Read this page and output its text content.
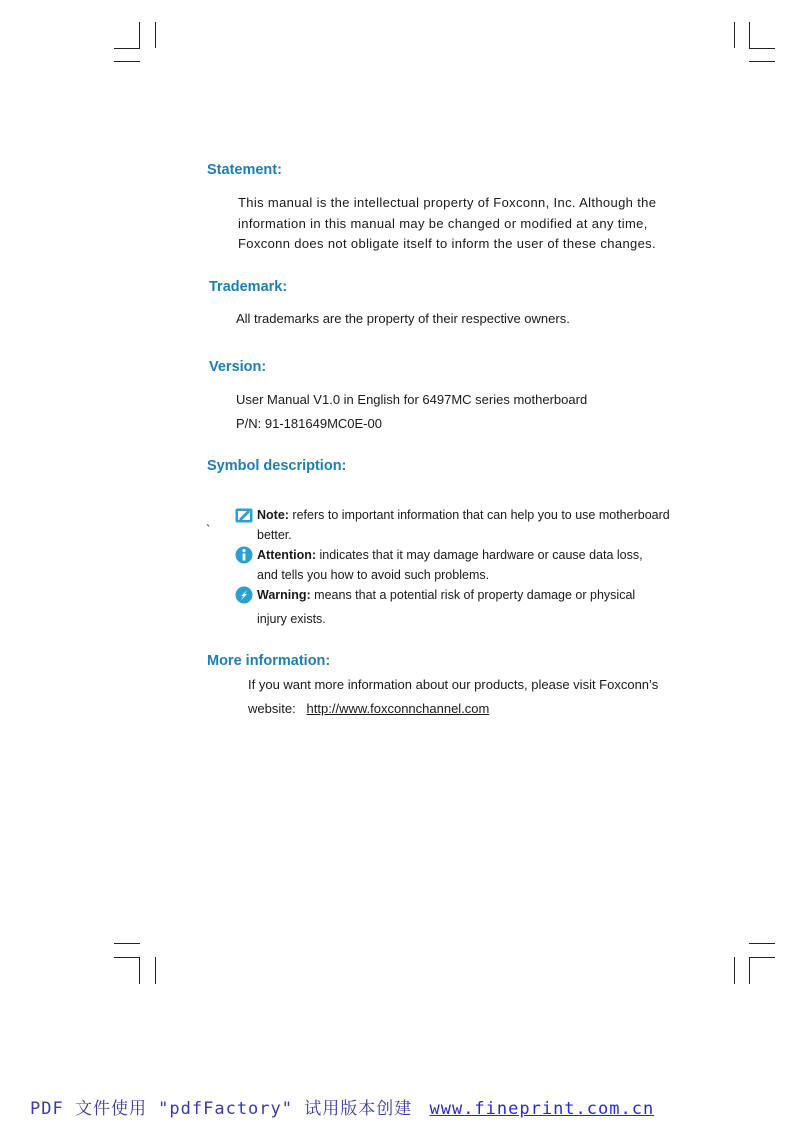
Statement:

This manual is the intellectual property of Foxconn, Inc. Although the

information in this manual may be changed or modified at any time,

Foxconn does not obligate itself to inform the user of these changes.

Trademark:

All trademarks are the property of their respective owners.

Version:

User Manual V1.0 in English for 6497MC series motherboard

P/N: 91-181649MC0E-00

Symbol description:
`
Note: refers to important information that can help you to use motherboard
better.
Attention: indicates that it may damage hardware or cause data loss,
and tells you how to avoid such problems.
Warning: means that a potential risk of property damage or physical
injury exists.
More information:

If you want more information about our products, please visit Foxconn’s

website: http://www.foxconnchannel.com

PDF 文件使用 "pdfFactory" 试用版本创建 www.fineprint.com.cn
